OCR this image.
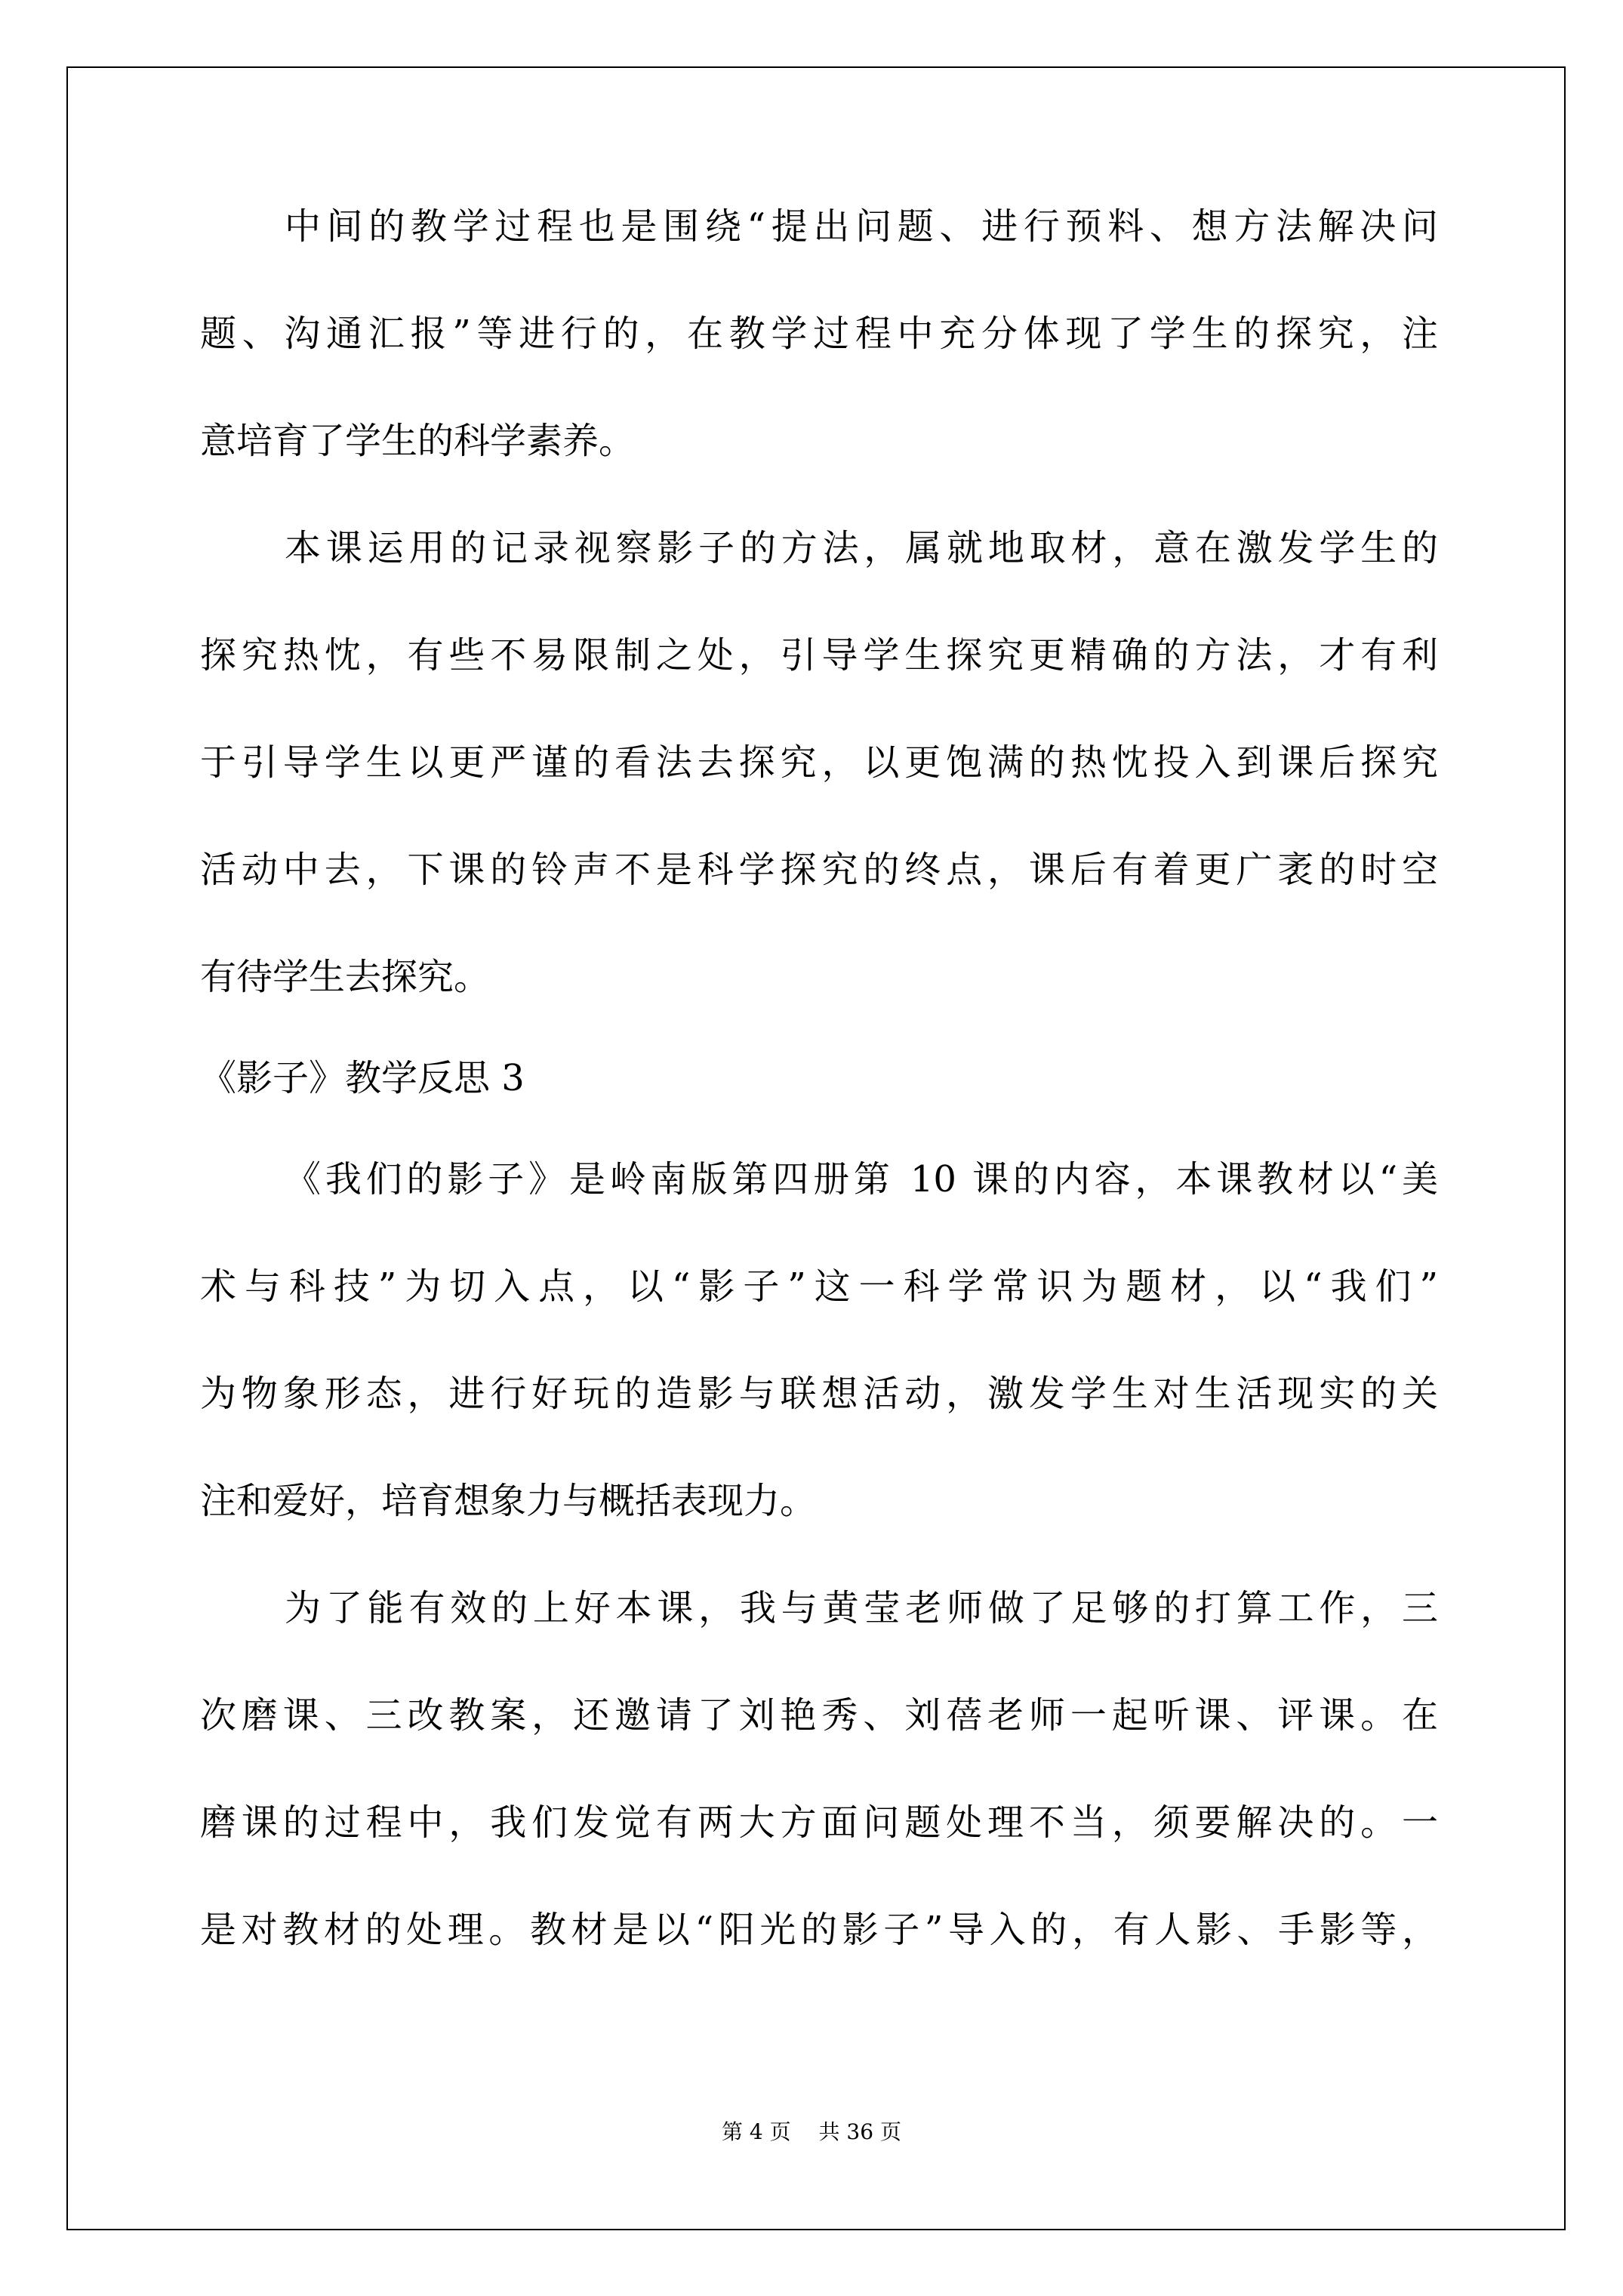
中间的教学过程也是围绕“提出问题、进行预料、想方法解决问
题、沟通汇报”等进行的，在教学过程中充分体现了学生的探究，注
意培育了学生的科学素养。
本课运用的记录视察影子的方法，属就地取材，意在激发学生的
探究热忱，有些不易限制之处，引导学生探究更精确的方法，才有利
于引导学生以更严谨的看法去探究，以更饱满的热忱投入到课后探究
活动中去，下课的铃声不是科学探究的终点，课后有着更广袤的时空
有待学生去探究。
《影子》教学反思 3
《我们的影子》是岭南版第四册第 10 课的内容，本课教材以“美
术与科技”为切入点，以“影子”这一科学常识为题材，以“我们”
为物象形态，进行好玩的造影与联想活动，激发学生对生活现实的关
注和爱好，培育想象力与概括表现力。
为了能有效的上好本课，我与黄莹老师做了足够的打算工作，三
次磨课、三改教案，还邀请了刘艳秀、刘蓓老师一起听课、评课。在
磨课的过程中，我们发觉有两大方面问题处理不当，须要解决的。一
是对教材的处理。教材是以“阳光的影子”导入的，有人影、手影等，
第 4 页　 共 36 页
